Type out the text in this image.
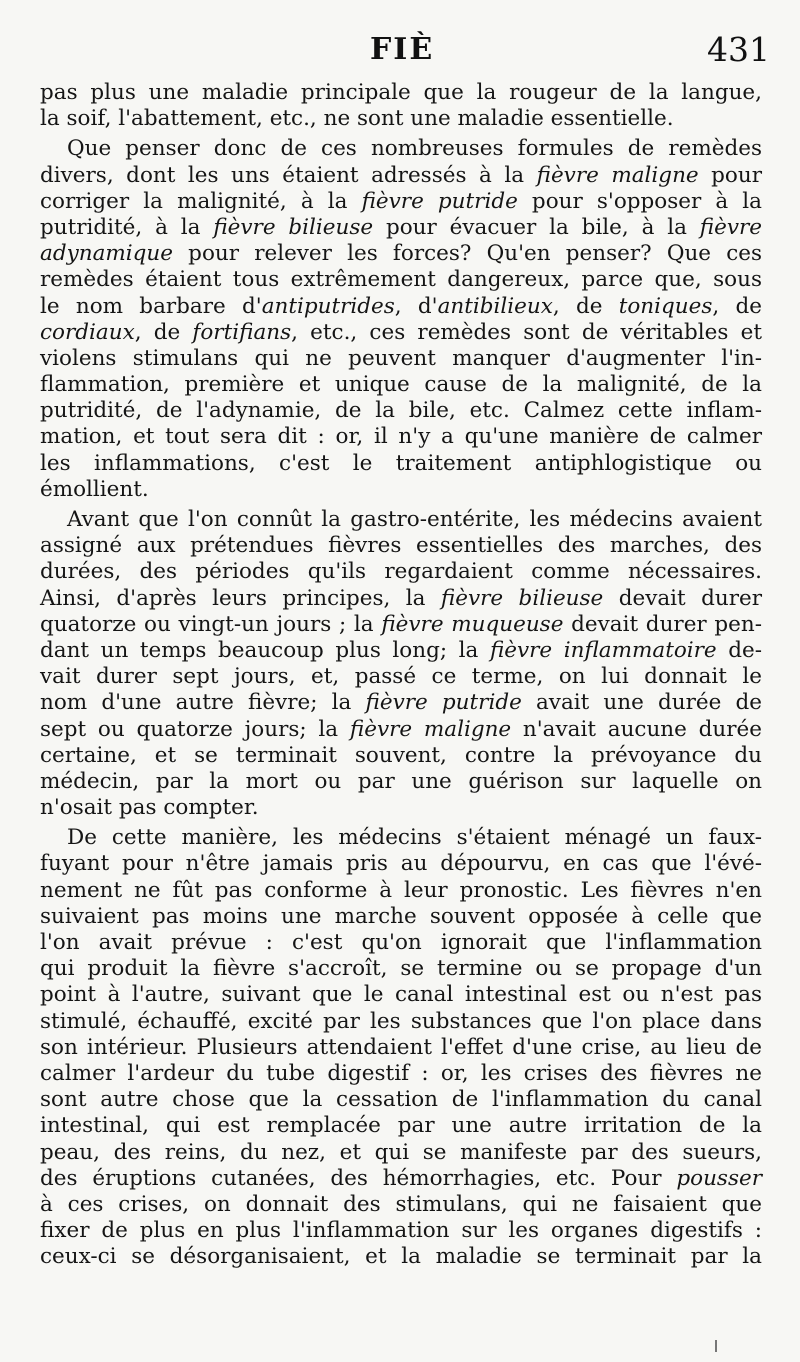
FIÈ	431
pas plus une maladie principale que la rougeur de la langue,
la soif, l'abattement, etc., ne sont une maladie essentielle.
Que penser donc de ces nombreuses formules de remèdes
divers, dont les uns étaient adressés à la fièvre maligne pour
corriger la malignité, à la fièvre putride pour s'opposer à la
putridité, à la fièvre bilieuse pour évacuer la bile, à la fièvre
adynamique pour relever les forces? Qu'en penser? Que ces
remèdes étaient tous extrêmement dangereux, parce que, sous
le nom barbare d'antiputrides, d'antibilieux, de toniques, de
cordiaux, de fortifians, etc., ces remèdes sont de véritables et
violens stimulans qui ne peuvent manquer d'augmenter l'in-
flammation, première et unique cause de la malignité, de la
putridité, de l'adynamie, de la bile, etc. Calmez cette inflam-
mation, et tout sera dit : or, il n'y a qu'une manière de calmer
les inflammations, c'est le traitement antiphlogistique ou
émollient.
Avant que l'on connût la gastro-entérite, les médecins avaient
assigné aux prétendues fièvres essentielles des marches, des
durées, des périodes qu'ils regardaient comme nécessaires.
Ainsi, d'après leurs principes, la fièvre bilieuse devait durer
quatorze ou vingt-un jours ; la fièvre muqueuse devait durer pen-
dant un temps beaucoup plus long; la fièvre inflammatoire de-
vait durer sept jours, et, passé ce terme, on lui donnait le
nom d'une autre fièvre; la fièvre putride avait une durée de
sept ou quatorze jours; la fièvre maligne n'avait aucune durée
certaine, et se terminait souvent, contre la prévoyance du
médecin, par la mort ou par une guérison sur laquelle on
n'osait pas compter.
De cette manière, les médecins s'étaient ménagé un faux-
fuyant pour n'être jamais pris au dépourvu, en cas que l'évé-
nement ne fût pas conforme à leur pronostic. Les fièvres n'en
suivaient pas moins une marche souvent opposée à celle que
l'on avait prévue : c'est qu'on ignorait que l'inflammation
qui produit la fièvre s'accroît, se termine ou se propage d'un
point à l'autre, suivant que le canal intestinal est ou n'est pas
stimulé, échauffé, excité par les substances que l'on place dans
son intérieur. Plusieurs attendaient l'effet d'une crise, au lieu de
calmer l'ardeur du tube digestif : or, les crises des fièvres ne
sont autre chose que la cessation de l'inflammation du canal
intestinal, qui est remplacée par une autre irritation de la
peau, des reins, du nez, et qui se manifeste par des sueurs,
des éruptions cutanées, des hémorrhagies, etc. Pour pousser
à ces crises, on donnait des stimulans, qui ne faisaient que
fixer de plus en plus l'inflammation sur les organes digestifs :
ceux-ci se désorganisaient, et la maladie se terminait par la
